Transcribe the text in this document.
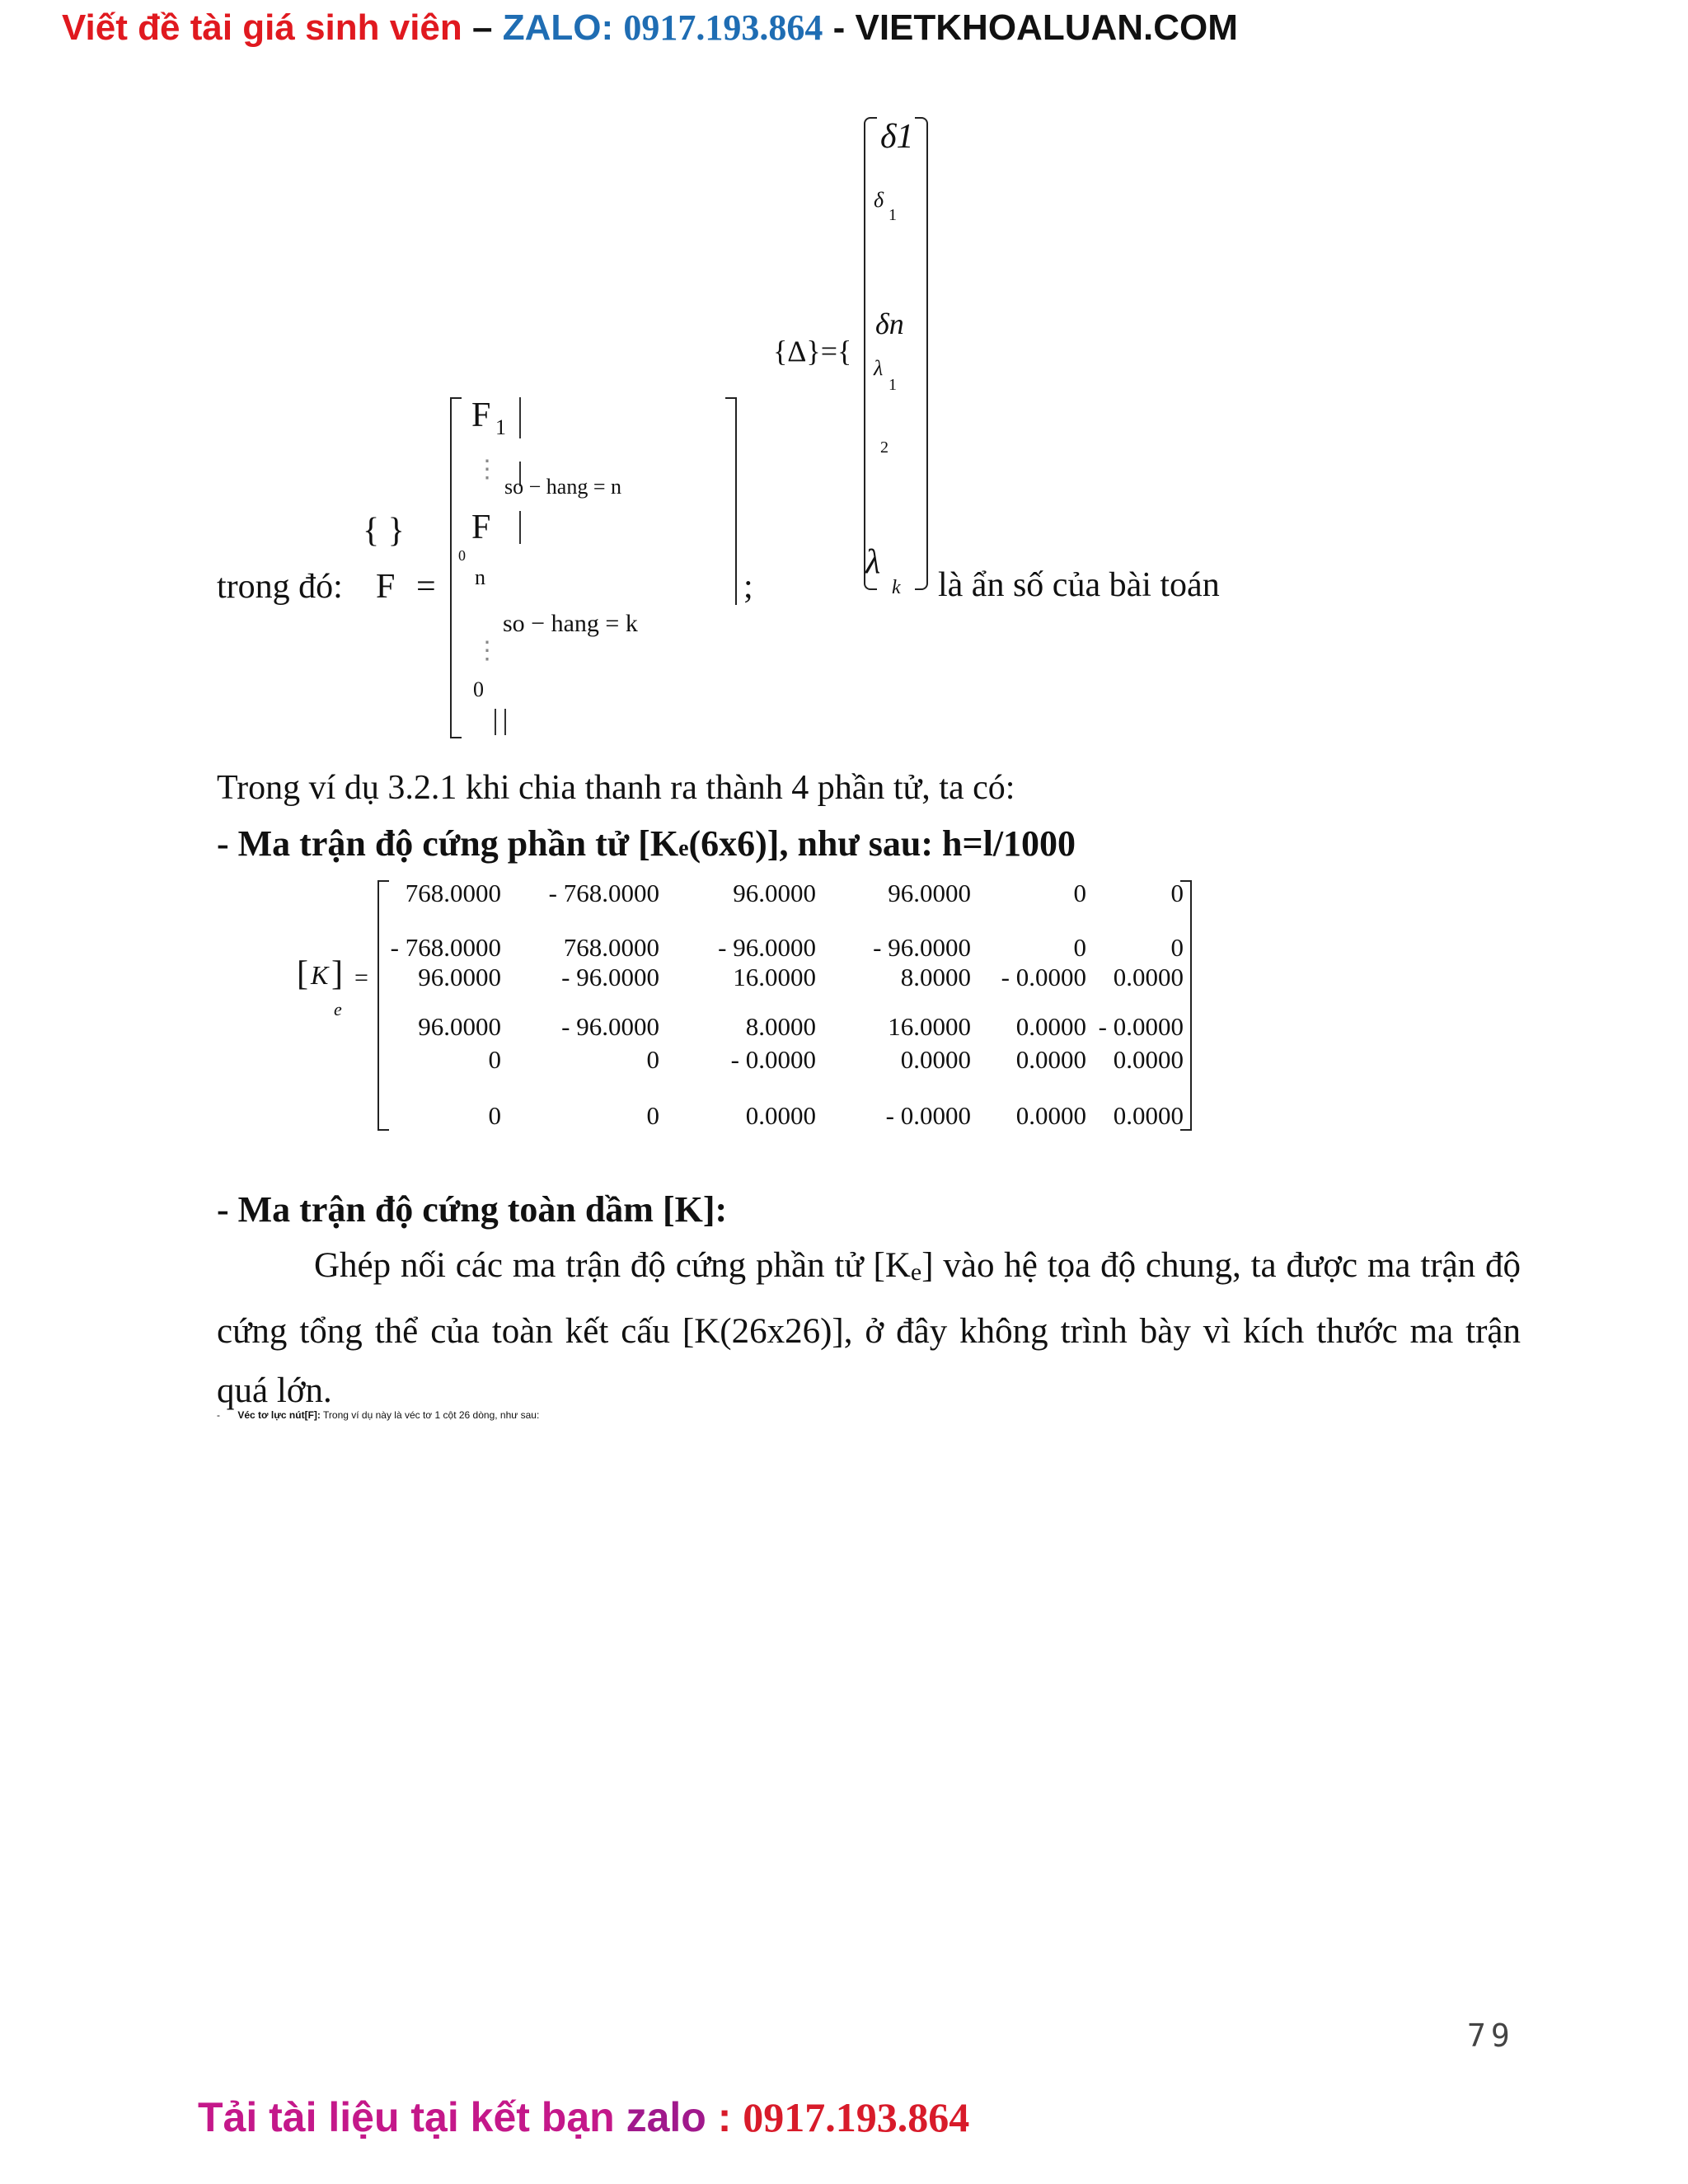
Viết đề tài giá sinh viên – ZALO: 0917.193.864 - VIETKHOALUAN.COM
δ1
δ
1
δn
{Δ}={
λ
1
2
λ
k là ẩn số của bài toán
trong đó:
{ }
F =
F 1
⋮
so − hang = n
F
0
n
so − hang = k
⋮
0
;
Trong ví dụ 3.2.1 khi chia thanh ra thành 4 phần tử, ta có:
- Ma trận độ cứng phần tử [Ke(6x6)], như sau: h=l/1000
[ K ]
e
=
768.0000 - 768.0000	96.0000	96.0000	0	0
- 768.0000 768.0000 - 96.0000 - 96.0000	0	0
96.0000 - 96.0000	16.0000	8.0000 - 0.0000 0.0000
96.0000 - 96.0000	8.0000	16.0000 0.0000 - 0.0000
0	0	- 0.0000	0.0000 0.0000 0.0000
0	0	0.0000	- 0.0000 0.0000 0.0000
- Ma trận độ cứng toàn dầm [K]:
Ghép nối các ma trận độ cứng phần tử [Ke] vào hệ tọa độ chung, ta được ma trận độ cứng tổng thể của toàn kết cấu [K(26x26)], ở đây không trình bày vì kích thước ma trận quá lớn.
- Véc tơ lực nút[F]: Trong ví dụ này là véc tơ 1 cột 26 dòng, như sau:
79
Tải tài liệu tại kết bạn zalo : 0917.193.864
